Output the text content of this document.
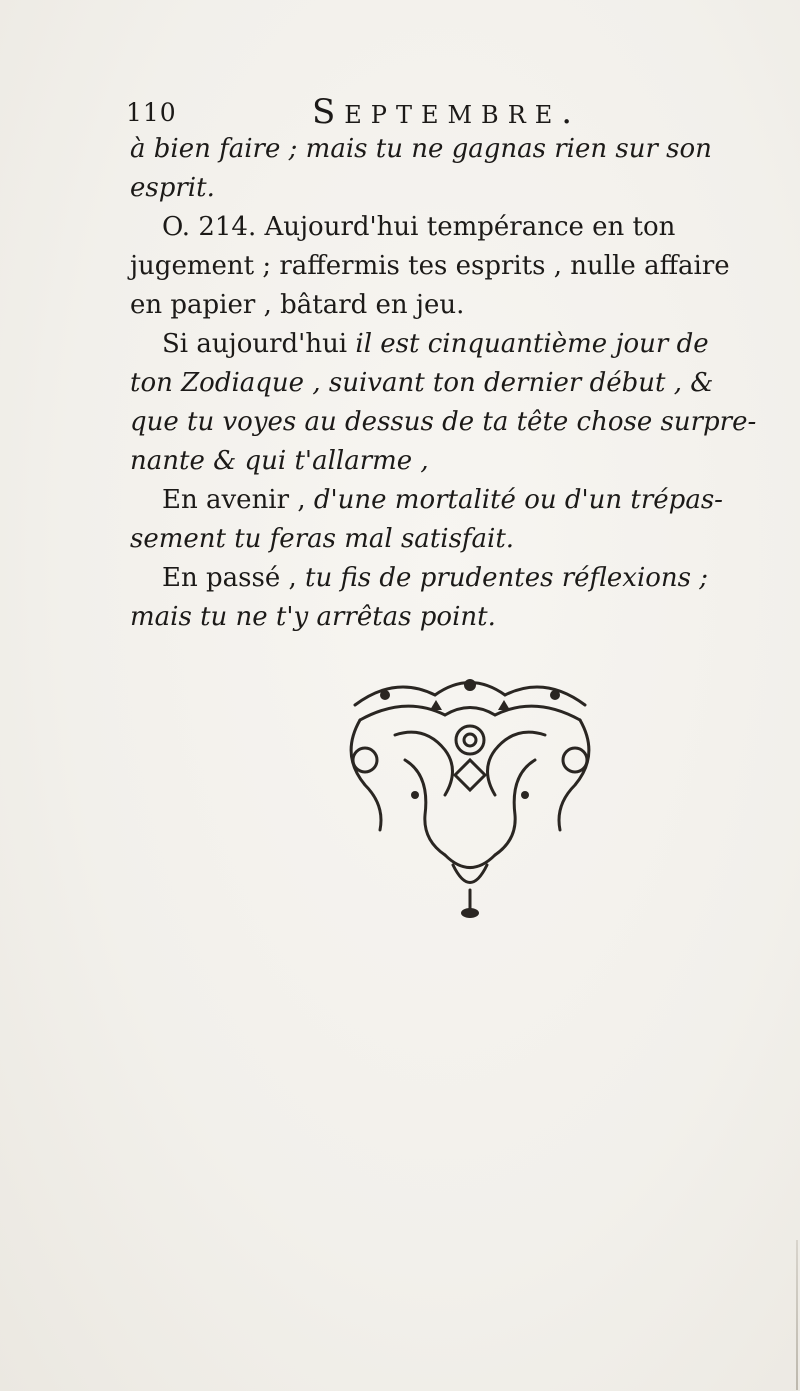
110	Septembre.
à bien faire ; mais tu ne gagnas rien sur son
esprit.
O. 214. Aujourd'hui tempérance en ton
jugement ; raffermis tes esprits , nulle affaire
en papier , bâtard en jeu.
Si aujourd'hui il est cinquantième jour de
ton Zodiaque , suivant ton dernier début , &
que tu voyes au dessus de ta tête chose surpre-
nante & qui t'allarme ,
En avenir , d'une mortalité ou d'un trépas-
sement tu feras mal satisfait.
En passé , tu fis de prudentes réflexions ;
mais tu ne t'y arrêtas point.
